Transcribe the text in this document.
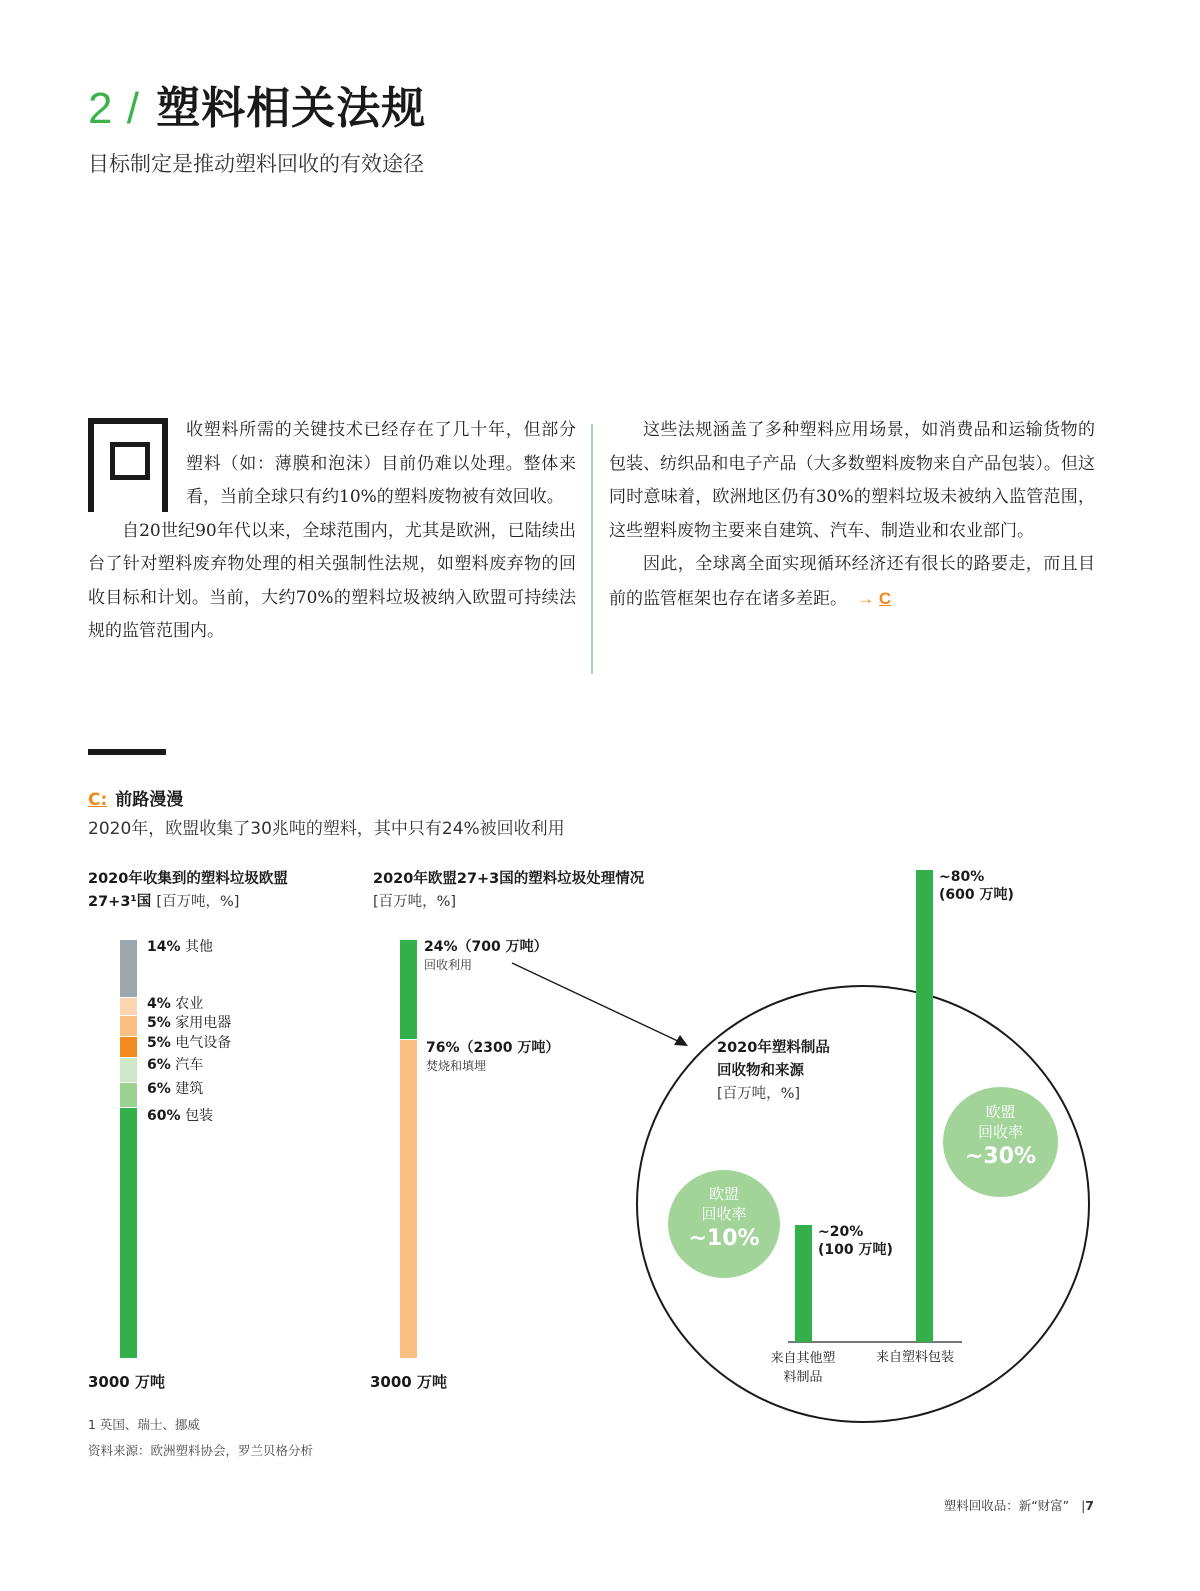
2 / 塑料相关法规
目标制定是推动塑料回收的有效途径

收塑料所需的关键技术已经存在了几十年，但部分塑料（如：薄膜和泡沫）目前仍难以处理。整体来看，当前全球只有约10%的塑料废物被有效回收。

自20世纪90年代以来，全球范围内，尤其是欧洲，已陆续出台了针对塑料废弃物处理的相关强制性法规，如塑料废弃物的回收目标和计划。当前，大约70%的塑料垃圾被纳入欧盟可持续法规的监管范围内。

这些法规涵盖了多种塑料应用场景，如消费品和运输货物的包装、纺织品和电子产品（大多数塑料废物来自产品包装）。但这同时意味着，欧洲地区仍有30%的塑料垃圾未被纳入监管范围，这些塑料废物主要来自建筑、汽车、制造业和农业部门。

因此，全球离全面实现循环经济还有很长的路要走，而且目前的监管框架也存在诸多差距。 → C

C: 前路漫漫
2020年，欧盟收集了30兆吨的塑料，其中只有24%被回收利用
2020年收集到的塑料垃圾欧盟
27+3¹国 [百万吨，%]
14% 其他
4% 农业
5% 家用电器
5% 电气设备
6% 汽车
6% 建筑
60% 包装
3000 万吨
2020年欧盟27+3国的塑料垃圾处理情况
[百万吨，%]
24%（700 万吨）
回收利用
76%（2300 万吨）
焚烧和填埋
3000 万吨
2020年塑料制品
回收物和来源
[百万吨，%]
~20%
(100 万吨)
~80%
(600 万吨)
来自其他塑
料制品
来自塑料包装
欧盟
回收率
~10%
欧盟
回收率
~30%
1 英国、瑞士、挪威
资料来源：欧洲塑料协会，罗兰贝格分析
塑料回收品：新“财富” |7
